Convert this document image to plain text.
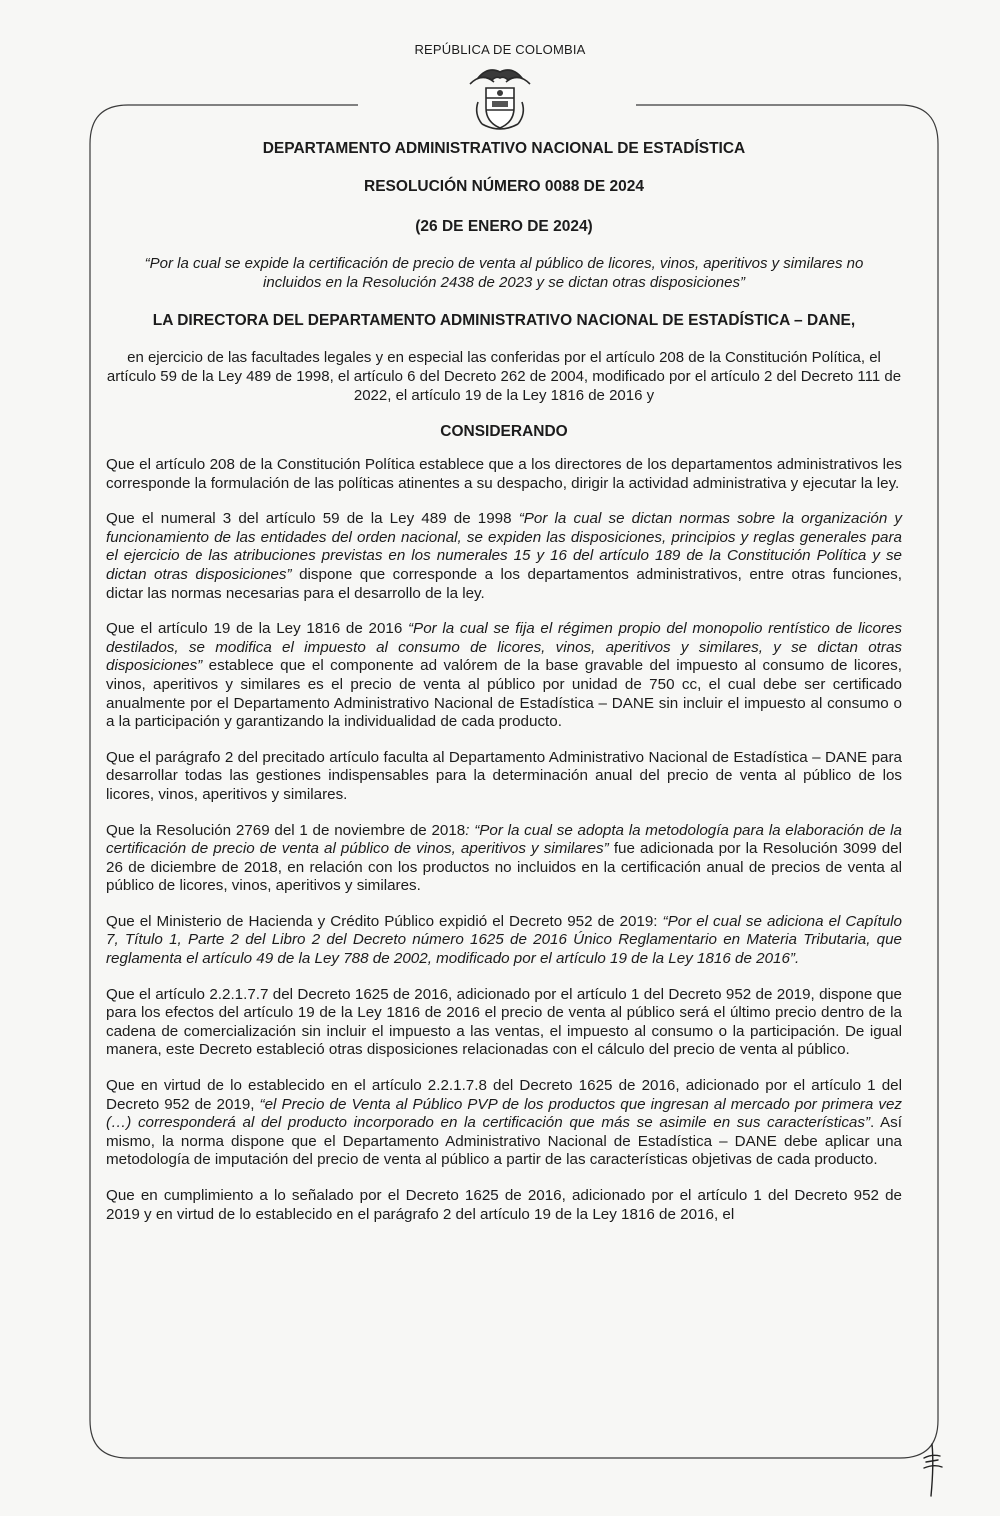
REPÚBLICA DE COLOMBIA

DEPARTAMENTO ADMINISTRATIVO NACIONAL DE ESTADÍSTICA

RESOLUCIÓN NÚMERO 0088 DE 2024

(26 DE ENERO DE 2024)

“Por la cual se expide la certificación de precio de venta al público de licores, vinos, aperitivos y similares no incluidos en la Resolución 2438 de 2023 y se dictan otras disposiciones”

LA DIRECTORA DEL DEPARTAMENTO ADMINISTRATIVO NACIONAL DE ESTADÍSTICA – DANE,

en ejercicio de las facultades legales y en especial las conferidas por el artículo 208 de la Constitución Política, el artículo 59 de la Ley 489 de 1998, el artículo 6 del Decreto 262 de 2004, modificado por el artículo 2 del Decreto 111 de 2022, el artículo 19 de la Ley 1816 de 2016 y

CONSIDERANDO

Que el artículo 208 de la Constitución Política establece que a los directores de los departamentos administrativos les corresponde la formulación de las políticas atinentes a su despacho, dirigir la actividad administrativa y ejecutar la ley.

Que el numeral 3 del artículo 59 de la Ley 489 de 1998 “Por la cual se dictan normas sobre la organización y funcionamiento de las entidades del orden nacional, se expiden las disposiciones, principios y reglas generales para el ejercicio de las atribuciones previstas en los numerales 15 y 16 del artículo 189 de la Constitución Política y se dictan otras disposiciones” dispone que corresponde a los departamentos administrativos, entre otras funciones, dictar las normas necesarias para el desarrollo de la ley.

Que el artículo 19 de la Ley 1816 de 2016 “Por la cual se fija el régimen propio del monopolio rentístico de licores destilados, se modifica el impuesto al consumo de licores, vinos, aperitivos y similares, y se dictan otras disposiciones” establece que el componente ad valórem de la base gravable del impuesto al consumo de licores, vinos, aperitivos y similares es el precio de venta al público por unidad de 750 cc, el cual debe ser certificado anualmente por el Departamento Administrativo Nacional de Estadística – DANE sin incluir el impuesto al consumo o a la participación y garantizando la individualidad de cada producto.

Que el parágrafo 2 del precitado artículo faculta al Departamento Administrativo Nacional de Estadística – DANE para desarrollar todas las gestiones indispensables para la determinación anual del precio de venta al público de los licores, vinos, aperitivos y similares.

Que la Resolución 2769 del 1 de noviembre de 2018: “Por la cual se adopta la metodología para la elaboración de la certificación de precio de venta al público de vinos, aperitivos y similares” fue adicionada por la Resolución 3099 del 26 de diciembre de 2018, en relación con los productos no incluidos en la certificación anual de precios de venta al público de licores, vinos, aperitivos y similares.

Que el Ministerio de Hacienda y Crédito Público expidió el Decreto 952 de 2019: “Por el cual se adiciona el Capítulo 7, Título 1, Parte 2 del Libro 2 del Decreto número 1625 de 2016 Único Reglamentario en Materia Tributaria, que reglamenta el artículo 49 de la Ley 788 de 2002, modificado por el artículo 19 de la Ley 1816 de 2016”.

Que el artículo 2.2.1.7.7 del Decreto 1625 de 2016, adicionado por el artículo 1 del Decreto 952 de 2019, dispone que para los efectos del artículo 19 de la Ley 1816 de 2016 el precio de venta al público será el último precio dentro de la cadena de comercialización sin incluir el impuesto a las ventas, el impuesto al consumo o la participación. De igual manera, este Decreto estableció otras disposiciones relacionadas con el cálculo del precio de venta al público.

Que en virtud de lo establecido en el artículo 2.2.1.7.8 del Decreto 1625 de 2016, adicionado por el artículo 1 del Decreto 952 de 2019, “el Precio de Venta al Público PVP de los productos que ingresan al mercado por primera vez (…) corresponderá al del producto incorporado en la certificación que más se asimile en sus características”. Así mismo, la norma dispone que el Departamento Administrativo Nacional de Estadística – DANE debe aplicar una metodología de imputación del precio de venta al público a partir de las características objetivas de cada producto.

Que en cumplimiento a lo señalado por el Decreto 1625 de 2016, adicionado por el artículo 1 del Decreto 952 de 2019 y en virtud de lo establecido en el parágrafo 2 del artículo 19 de la Ley 1816 de 2016, el
